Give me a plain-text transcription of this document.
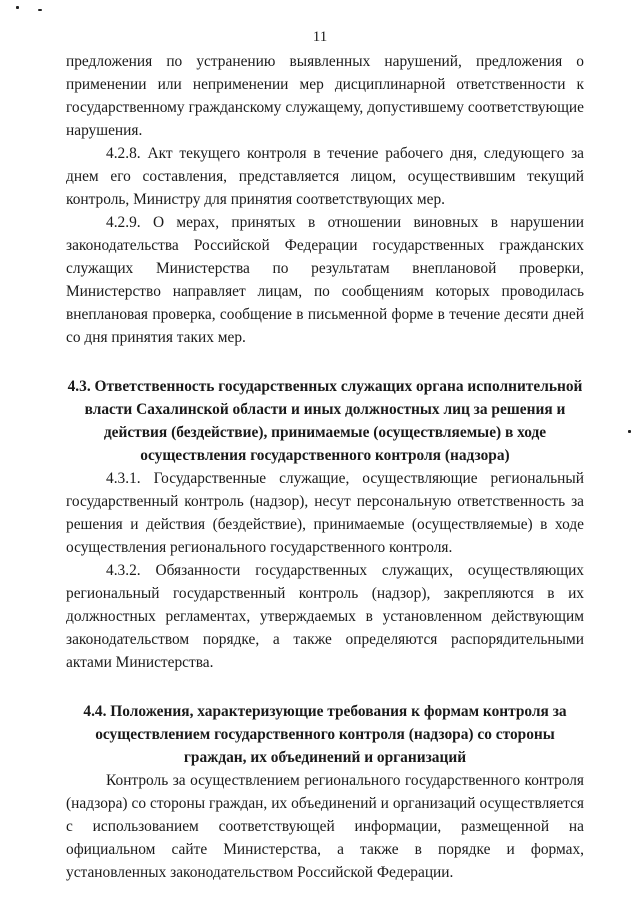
11

предложения по устранению выявленных нарушений, предложения о применении или неприменении мер дисциплинарной ответственности к государственному гражданскому служащему, допустившему соответствующие нарушения.

4.2.8. Акт текущего контроля в течение рабочего дня, следующего за днем его составления, представляется лицом, осуществившим текущий контроль, Министру для принятия соответствующих мер.

4.2.9. О мерах, принятых в отношении виновных в нарушении законодательства Российской Федерации государственных гражданских служащих Министерства по результатам внеплановой проверки, Министерство направляет лицам, по сообщениям которых проводилась внеплановая проверка, сообщение в письменной форме в течение десяти дней со дня принятия таких мер.

4.3. Ответственность государственных служащих органа исполнительной власти Сахалинской области и иных должностных лиц за решения и действия (бездействие), принимаемые (осуществляемые) в ходе осуществления государственного контроля (надзора)

4.3.1. Государственные служащие, осуществляющие региональный государственный контроль (надзор), несут персональную ответственность за решения и действия (бездействие), принимаемые (осуществляемые) в ходе осуществления регионального государственного контроля.

4.3.2. Обязанности государственных служащих, осуществляющих региональный государственный контроль (надзор), закрепляются в их должностных регламентах, утверждаемых в установленном действующим законодательством порядке, а также определяются распорядительными актами Министерства.

4.4. Положения, характеризующие требования к формам контроля за осуществлением государственного контроля (надзора) со стороны граждан, их объединений и организаций

Контроль за осуществлением регионального государственного контроля (надзора) со стороны граждан, их объединений и организаций осуществляется с использованием соответствующей информации, размещенной на официальном сайте Министерства, а также в порядке и формах, установленных законодательством Российской Федерации.
